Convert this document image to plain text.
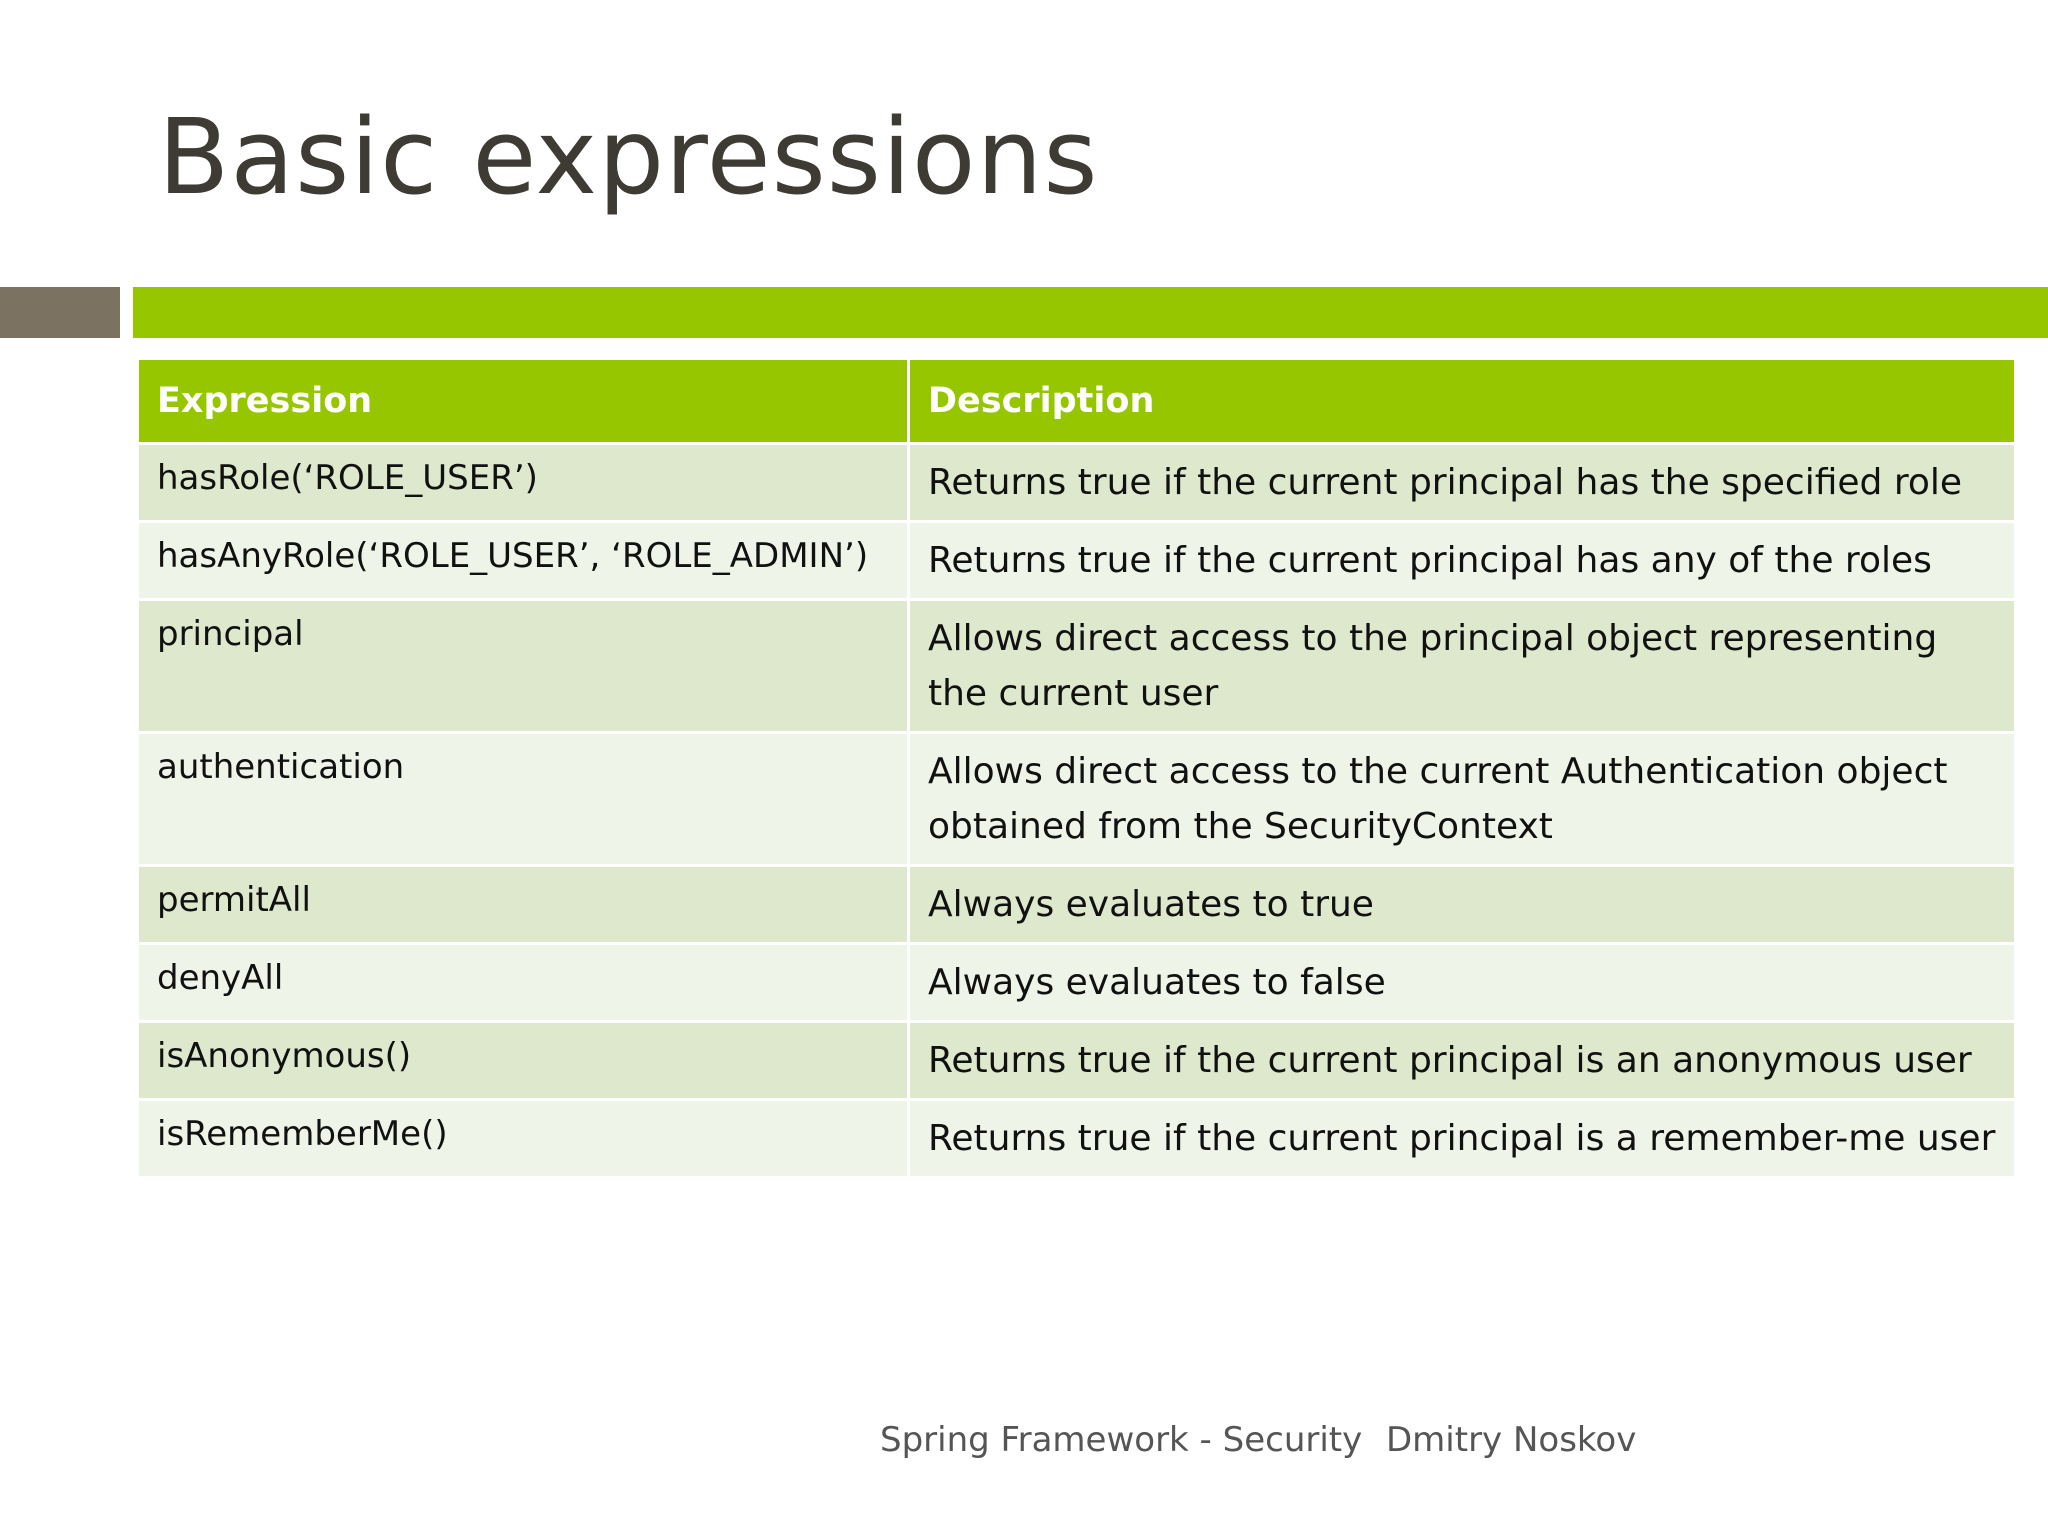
Basic expressions
Expression	Description
hasRole(‘ROLE_USER’)	Returns true if the current principal has the specified role
hasAnyRole(‘ROLE_USER’, ‘ROLE_ADMIN’)	Returns true if the current principal has any of the roles
principal	Allows direct access to the principal object representing the current user
authentication	Allows direct access to the current Authentication object obtained from the SecurityContext
permitAll	Always evaluates to true
denyAll	Always evaluates to false
isAnonymous()	Returns true if the current principal is an anonymous user
isRememberMe()	Returns true if the current principal is a remember-me user
Spring Framework - Security Dmitry Noskov
